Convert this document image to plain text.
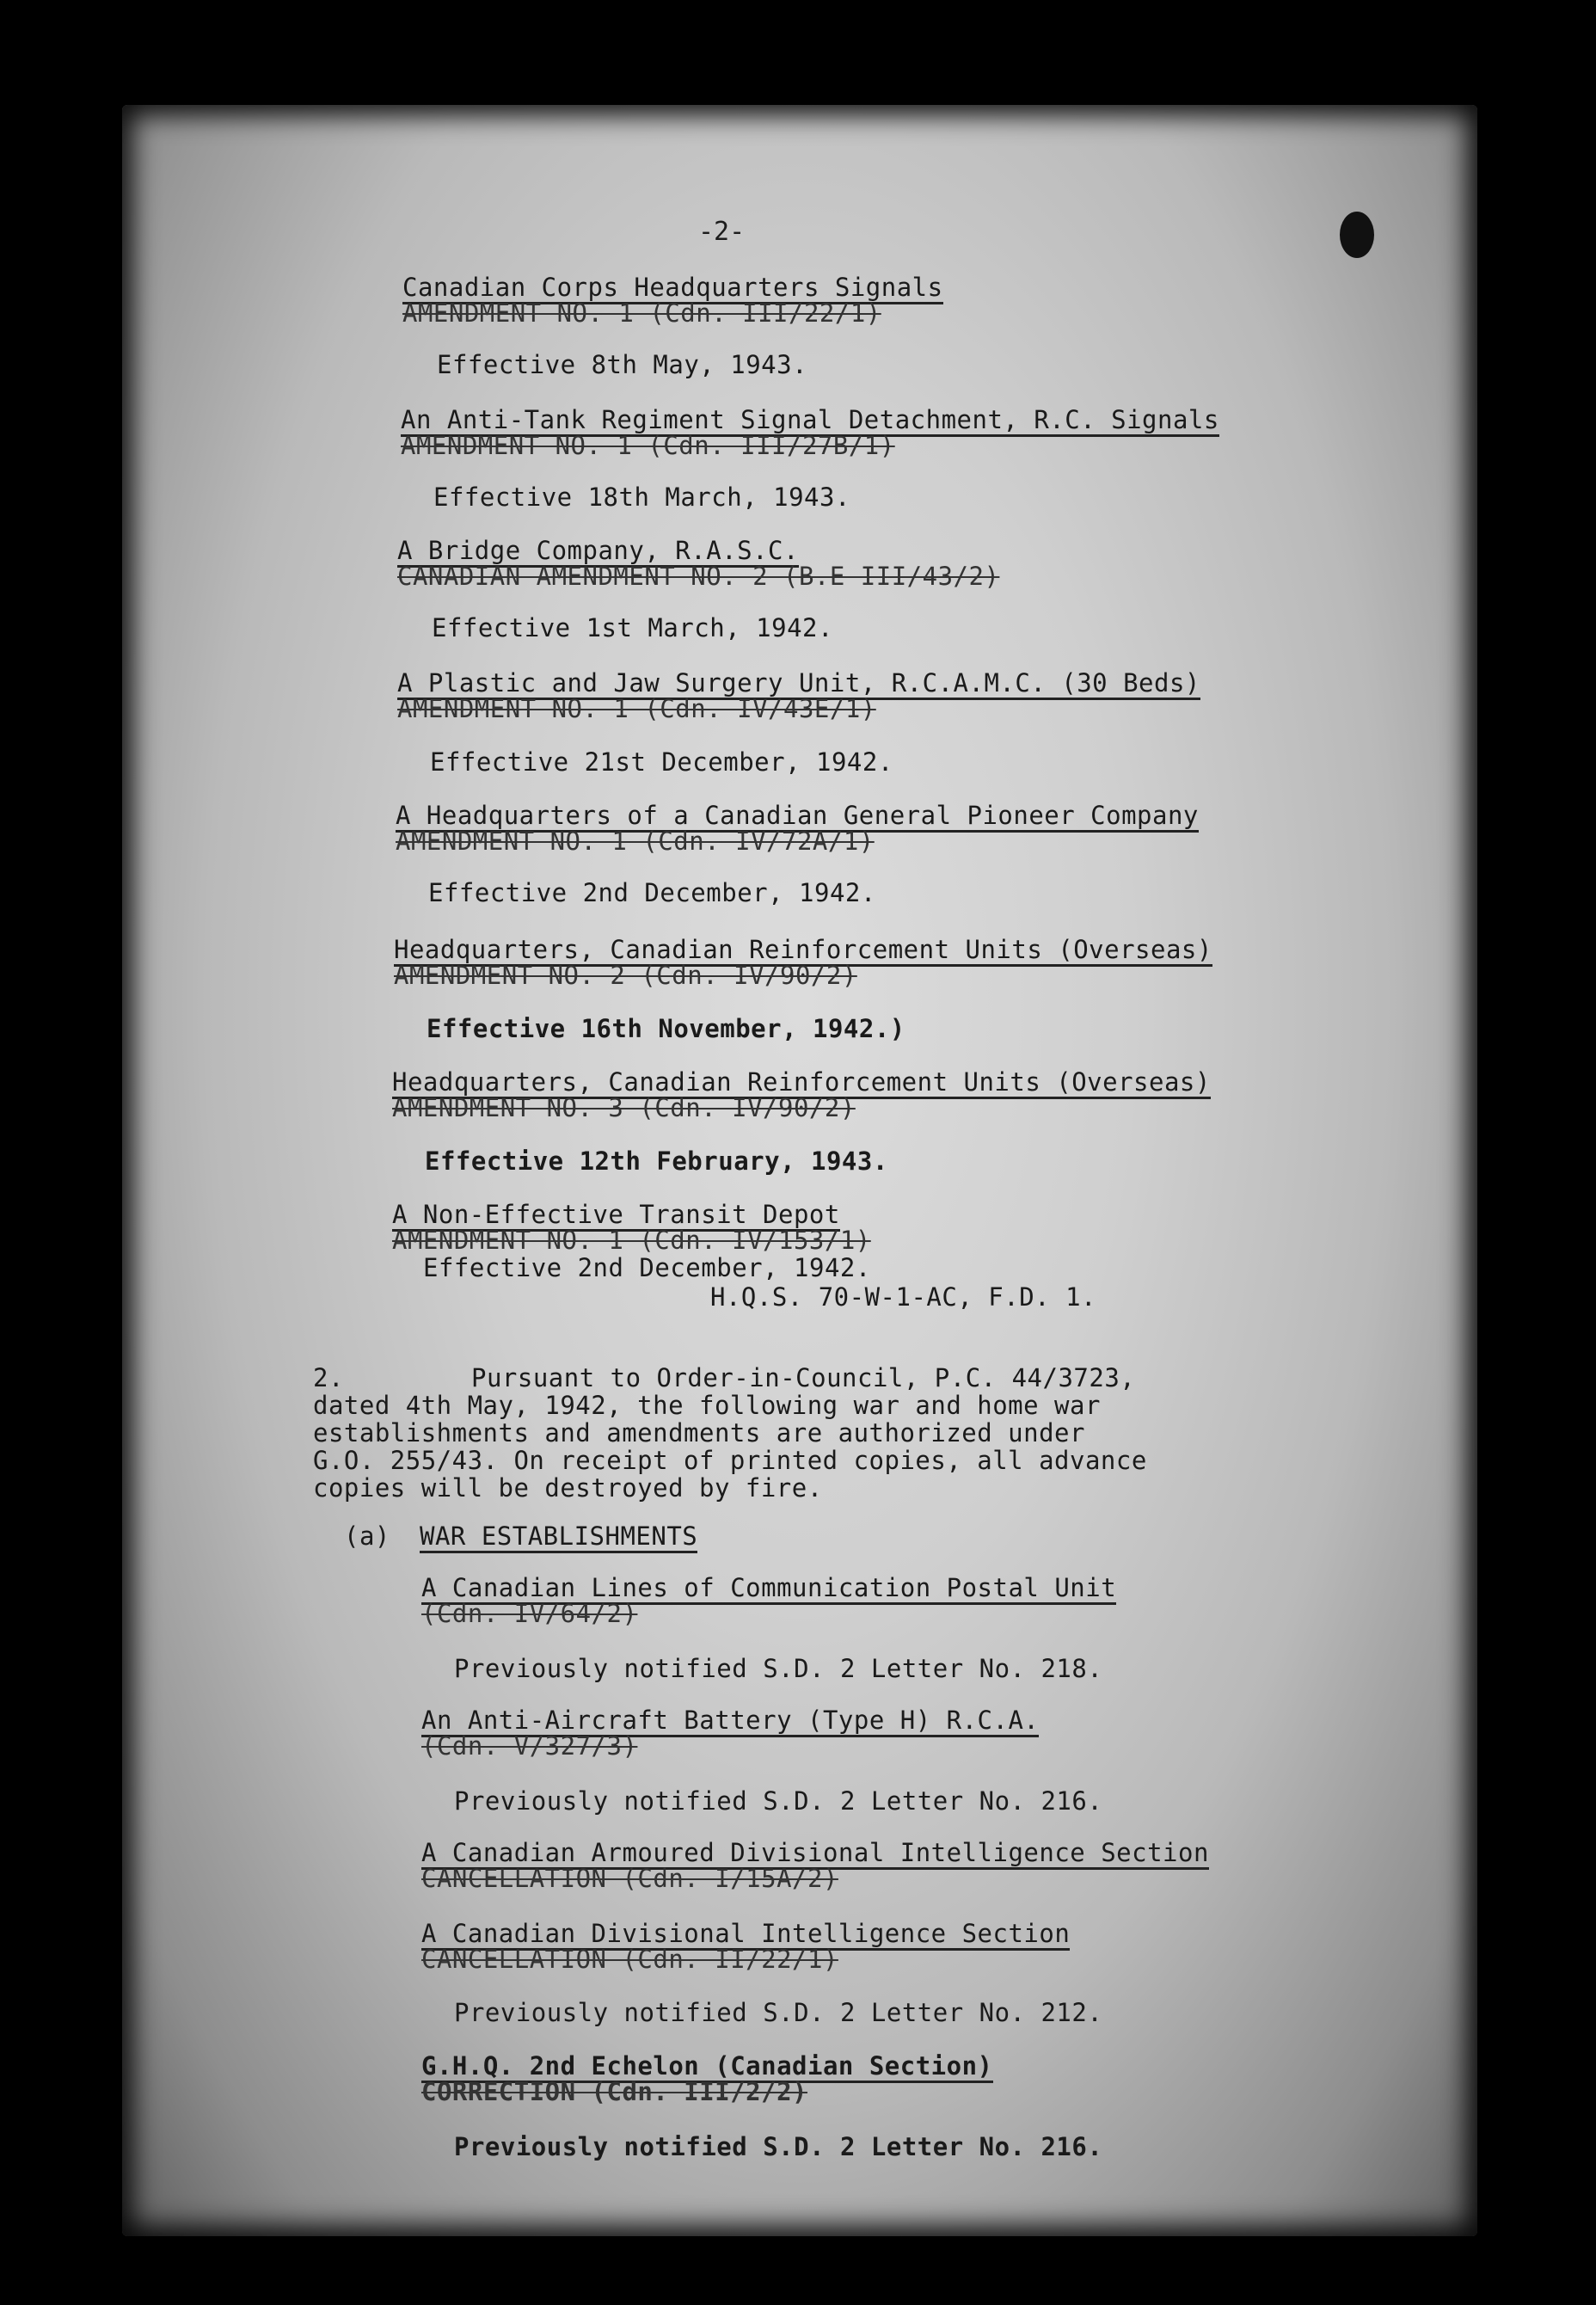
-2-
Canadian Corps Headquarters Signals
AMENDMENT NO. 1 (Cdn. III/22/1)
Effective 8th May, 1943.
An Anti-Tank Regiment Signal Detachment, R.C. Signals
AMENDMENT NO. 1 (Cdn. III/27B/1)
Effective 18th March, 1943.
A Bridge Company, R.A.S.C.
CANADIAN AMENDMENT NO. 2 (B.E III/43/2)
Effective 1st March, 1942.
A Plastic and Jaw Surgery Unit, R.C.A.M.C. (30 Beds)
AMENDMENT NO. 1 (Cdn. IV/43E/1)
Effective 21st December, 1942.
A Headquarters of a Canadian General Pioneer Company
AMENDMENT NO. 1 (Cdn. IV/72A/1)
Effective 2nd December, 1942.
Headquarters, Canadian Reinforcement Units (Overseas)
AMENDMENT NO. 2 (Cdn. IV/90/2)
Effective 16th November, 1942.)
Headquarters, Canadian Reinforcement Units (Overseas)
AMENDMENT NO. 3 (Cdn. IV/90/2)
Effective 12th February, 1943.
A Non-Effective Transit Depot
AMENDMENT NO. 1 (Cdn. IV/153/1)
Effective 2nd December, 1942.
H.Q.S. 70-W-1-AC, F.D. 1.
2.	Pursuant to Order-in-Council, P.C. 44/3723,
dated 4th May, 1942, the following war and home war
establishments and amendments are authorized under
G.O. 255/43. On receipt of printed copies, all advance
copies will be destroyed by fire.
(a) WAR ESTABLISHMENTS
A Canadian Lines of Communication Postal Unit
(Cdn. IV/64/2)
Previously notified S.D. 2 Letter No. 218.
An Anti-Aircraft Battery (Type H) R.C.A.
(Cdn. V/327/3)
Previously notified S.D. 2 Letter No. 216.
A Canadian Armoured Divisional Intelligence Section
CANCELLATION (Cdn. I/15A/2)
A Canadian Divisional Intelligence Section
CANCELLATION (Cdn. II/22/1)
Previously notified S.D. 2 Letter No. 212.
G.H.Q. 2nd Echelon (Canadian Section)
CORRECTION (Cdn. III/2/2)
Previously notified S.D. 2 Letter No. 216.
